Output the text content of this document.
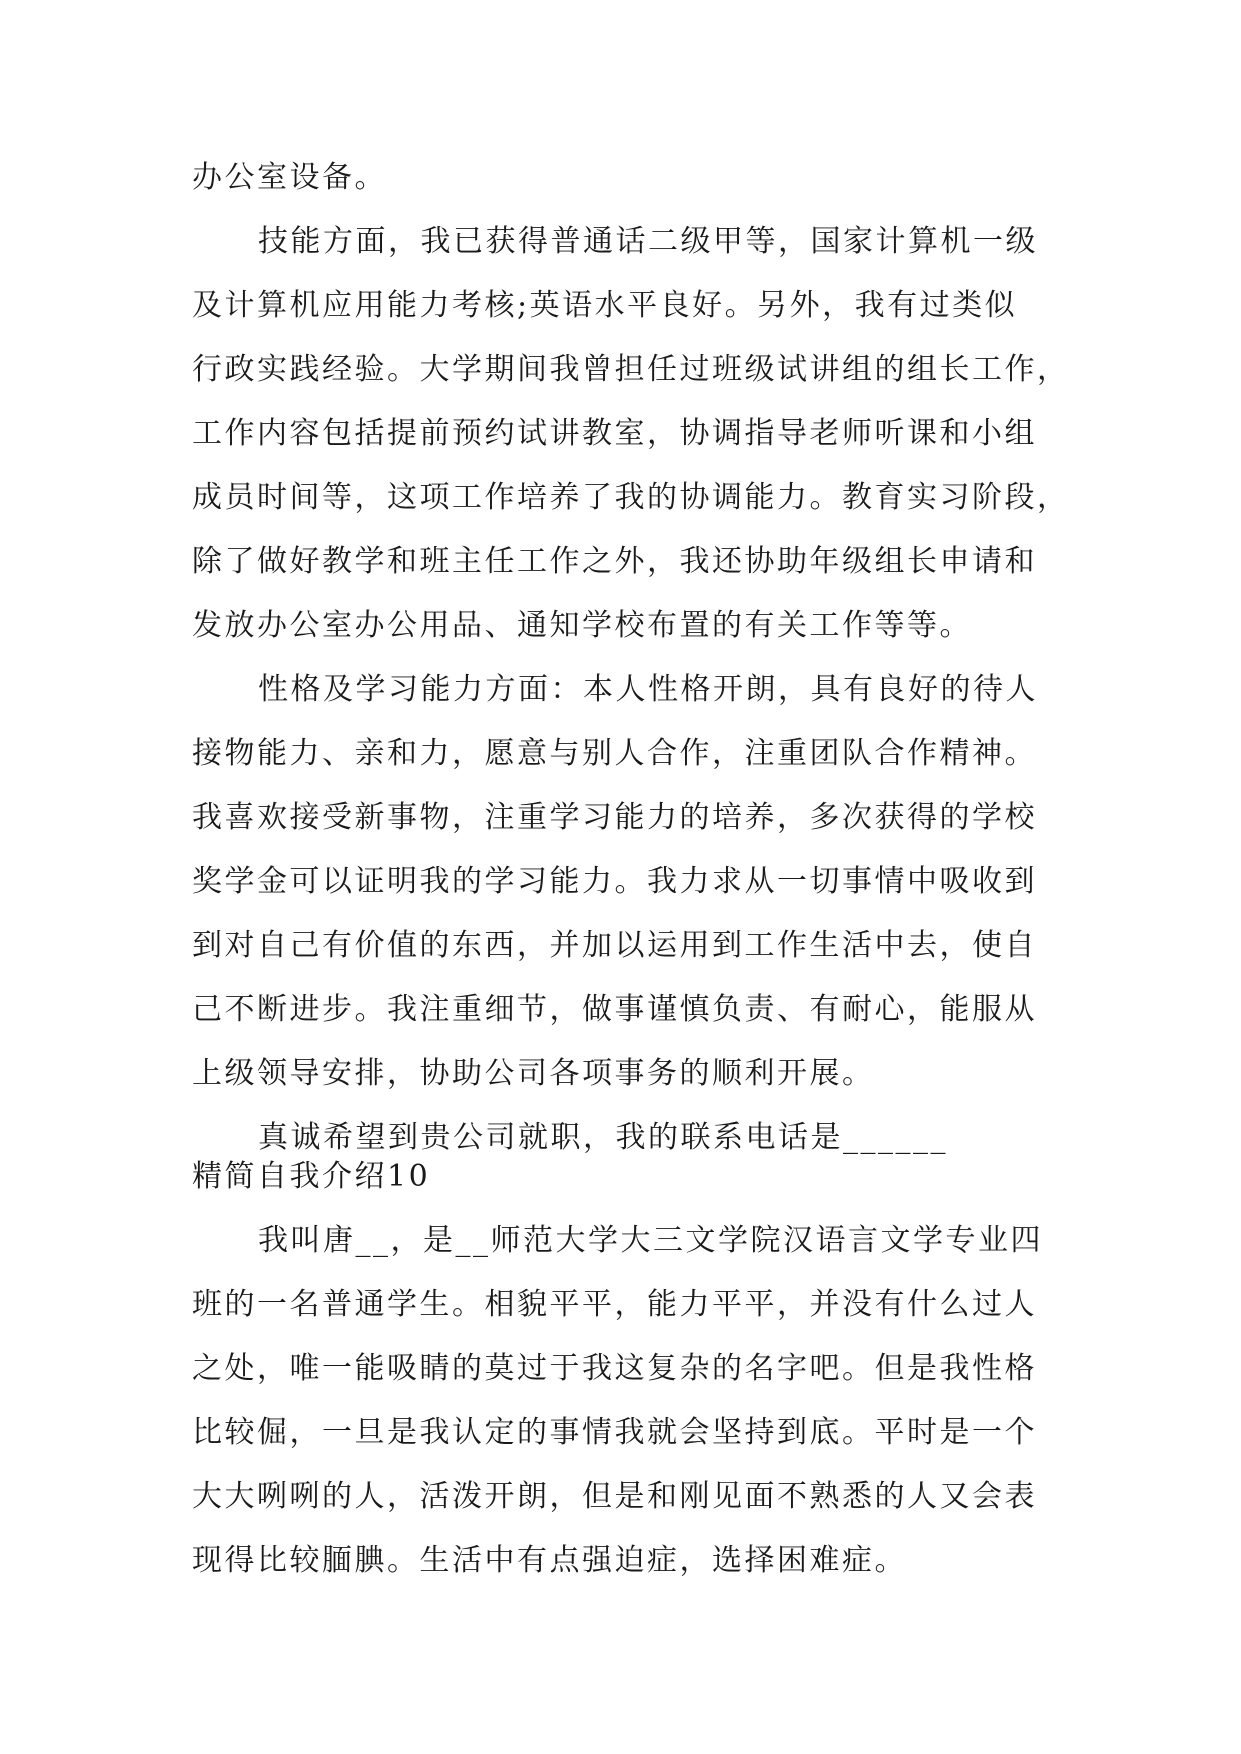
办公室设备。
技能方面，我已获得普通话二级甲等，国家计算机一级
及计算机应用能力考核;英语水平良好。另外，我有过类似
行政实践经验。大学期间我曾担任过班级试讲组的组长工作，
工作内容包括提前预约试讲教室，协调指导老师听课和小组
成员时间等，这项工作培养了我的协调能力。教育实习阶段，
除了做好教学和班主任工作之外，我还协助年级组长申请和
发放办公室办公用品、通知学校布置的有关工作等等。
性格及学习能力方面：本人性格开朗，具有良好的待人
接物能力、亲和力，愿意与别人合作，注重团队合作精神。
我喜欢接受新事物，注重学习能力的培养，多次获得的学校
奖学金可以证明我的学习能力。我力求从一切事情中吸收到
到对自己有价值的东西，并加以运用到工作生活中去，使自
己不断进步。我注重细节，做事谨慎负责、有耐心，能服从
上级领导安排，协助公司各项事务的顺利开展。
真诚希望到贵公司就职，我的联系电话是______
精简自我介绍10
我叫唐__，是__师范大学大三文学院汉语言文学专业四
班的一名普通学生。相貌平平，能力平平，并没有什么过人
之处，唯一能吸睛的莫过于我这复杂的名字吧。但是我性格
比较倔，一旦是我认定的事情我就会坚持到底。平时是一个
大大咧咧的人，活泼开朗，但是和刚见面不熟悉的人又会表
现得比较腼腆。生活中有点强迫症，选择困难症。
